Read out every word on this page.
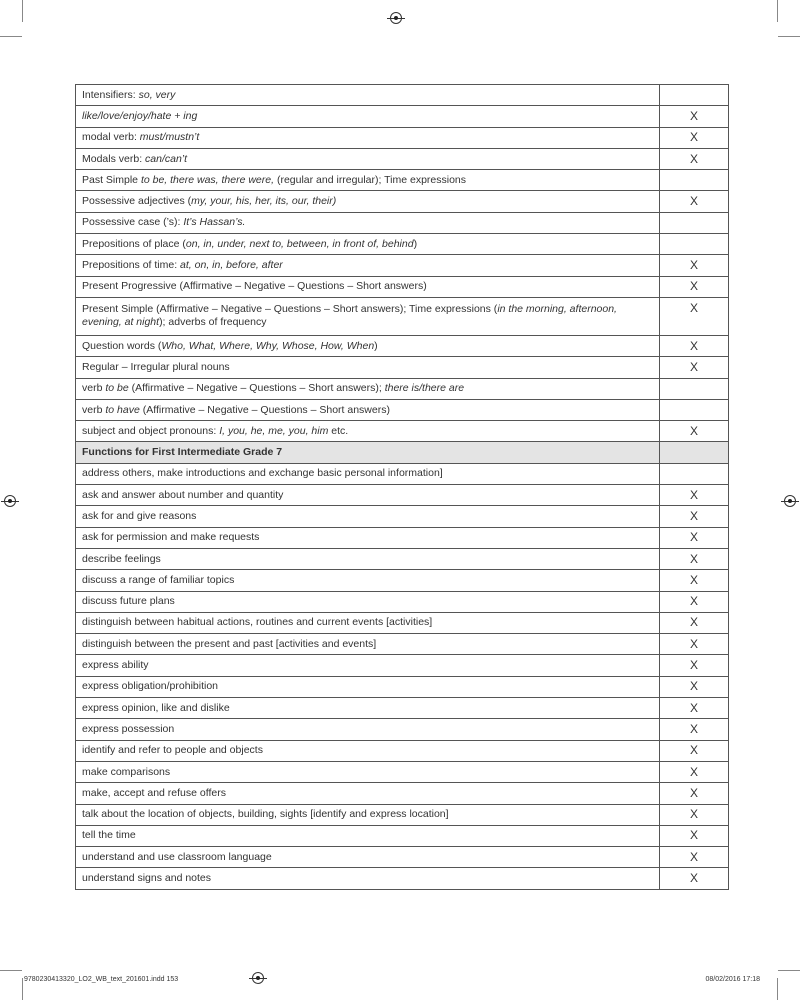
Intensifiers: so, very	
like/love/enjoy/hate + ing	X
modal verb: must/mustn’t	X
Modals verb: can/can’t	X
Past Simple to be, there was, there were, (regular and irregular); Time expressions	
Possessive adjectives (my, your, his, her, its, our, their)	X
Possessive case (’s): It’s Hassan’s.	
Prepositions of place (on, in, under, next to, between, in front of, behind)	
Prepositions of time: at, on, in, before, after	X
Present Progressive (Affirmative – Negative – Questions – Short answers)	X
Present Simple (Affirmative – Negative – Questions – Short answers); Time expressions (in the morning, afternoon, evening, at night); adverbs of frequency	X
Question words (Who, What, Where, Why, Whose, How, When)	X
Regular – Irregular plural nouns	X
verb to be (Affirmative – Negative – Questions – Short answers); there is/there are	
verb to have (Affirmative – Negative – Questions – Short answers)	
subject and object pronouns: I, you, he, me, you, him etc.	X
Functions for First Intermediate Grade 7	
address others, make introductions and exchange basic personal information]	
ask and answer about number and quantity	X
ask for and give reasons	X
ask for permission and make requests	X
describe feelings	X
discuss a range of familiar topics	X
discuss future plans	X
distinguish between habitual actions, routines and current events [activities]	X
distinguish between the present and past [activities and events]	X
express ability	X
express obligation/prohibition	X
express opinion, like and dislike	X
express possession	X
identify and refer to people and objects	X
make comparisons	X
make, accept and refuse offers	X
talk about the location of objects, building, sights [identify and express location]	X
tell the time	X
understand and use classroom language	X
understand signs and notes	X
9780230413320_LO2_WB_text_201601.indd 153	08/02/2016 17:18
